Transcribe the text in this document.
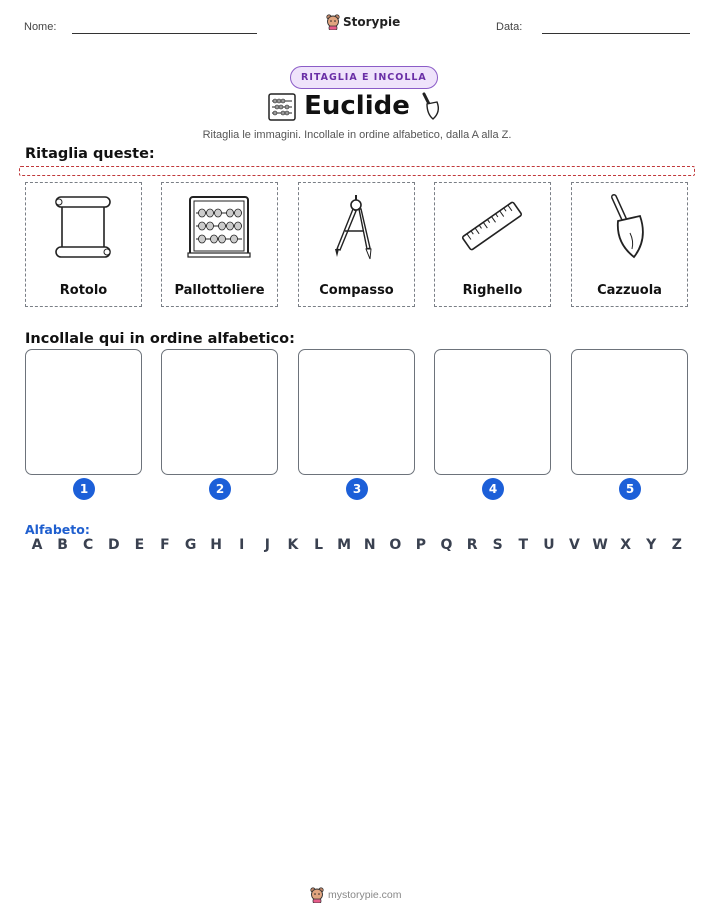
Nome:	Storypie	Data:
RITAGLIA E INCOLLA
Euclide
Ritaglia le immagini. Incollale in ordine alfabetico, dalla A alla Z.
Ritaglia queste:
Rotolo	Pallottoliere	Compasso	Righello	Cazzuola
Incollale qui in ordine alfabetico:
1	2	3	4	5
Alfabeto:
A	B	C	D	E	F	G H	I	J	K	L	M N O	P	Q	R	S	T	U	V W X	Y	Z
mystorypie.com
